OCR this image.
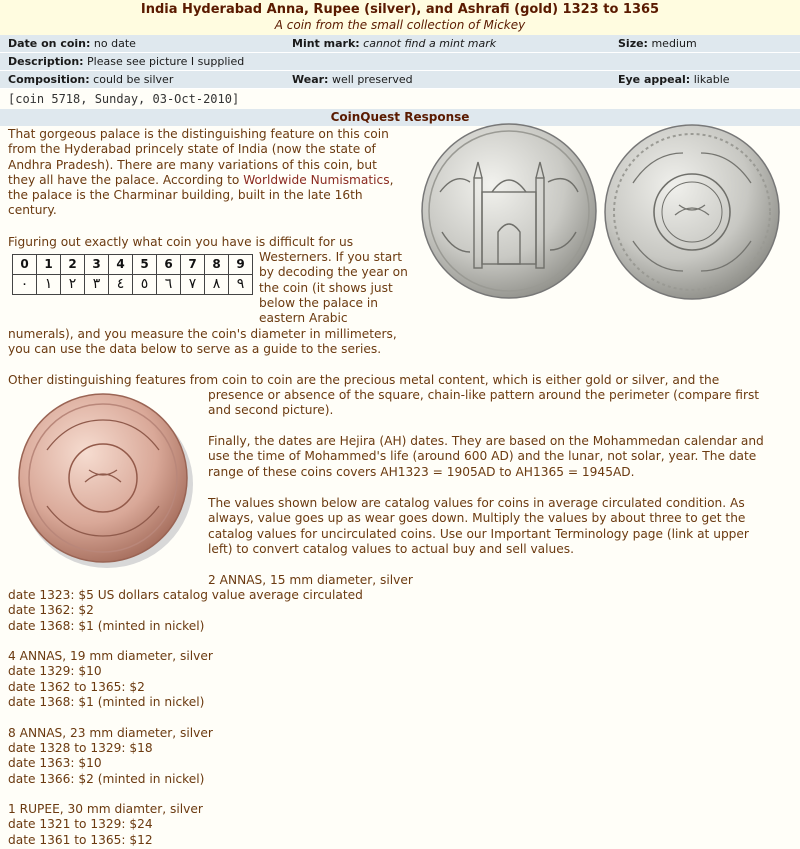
India Hyderabad Anna, Rupee (silver), and Ashrafi (gold) 1323 to 1365
A coin from the small collection of Mickey
Date on coin: no date	Mint mark: cannot find a mint mark	Size: medium
Description: Please see picture I supplied
Composition: could be silver	Wear: well preserved	Eye appeal: likable
[coin 5718, Sunday, 03-Oct-2010]
CoinQuest Response
That gorgeous palace is the distinguishing feature on this coin
from the Hyderabad princely state of India (now the state of
Andhra Pradesh). There are many variations of this coin, but
they all have the palace. According to Worldwide Numismatics,
the palace is the Charminar building, built in the late 16th
century.
Figuring out exactly what coin you have is difficult for us
Westerners. If you start
by decoding the year on
the coin (it shows just
below the palace in
eastern Arabic
numerals), and you measure the coin's diameter in millimeters,
you can use the data below to serve as a guide to the series.
Other distinguishing features from coin to coin are the precious metal content, which is either gold or silver, and the
presence or absence of the square, chain-like pattern around the perimeter (compare first
and second picture).
Finally, the dates are Hejira (AH) dates. They are based on the Mohammedan calendar and
use the time of Mohammed's life (around 600 AD) and the lunar, not solar, year. The date
range of these coins covers AH1323 = 1905AD to AH1365 = 1945AD.
The values shown below are catalog values for coins in average circulated condition. As
always, value goes up as wear goes down. Multiply the values by about three to get the
catalog values for uncirculated coins. Use our Important Terminology page (link at upper
left) to convert catalog values to actual buy and sell values.
2 ANNAS, 15 mm diameter, silver
date 1323: $5 US dollars catalog value average circulated
date 1362: $2
date 1368: $1 (minted in nickel)
4 ANNAS, 19 mm diameter, silver
date 1329: $10
date 1362 to 1365: $2
date 1368: $1 (minted in nickel)
8 ANNAS, 23 mm diameter, silver
date 1328 to 1329: $18
date 1363: $10
date 1366: $2 (minted in nickel)
1 RUPEE, 30 mm diamter, silver
date 1321 to 1329: $24
date 1361 to 1365: $12
0	1	2	3	4	5	6	7	8	9
٠	١	٢	٣	٤	٥	٦	٧	٨	٩
